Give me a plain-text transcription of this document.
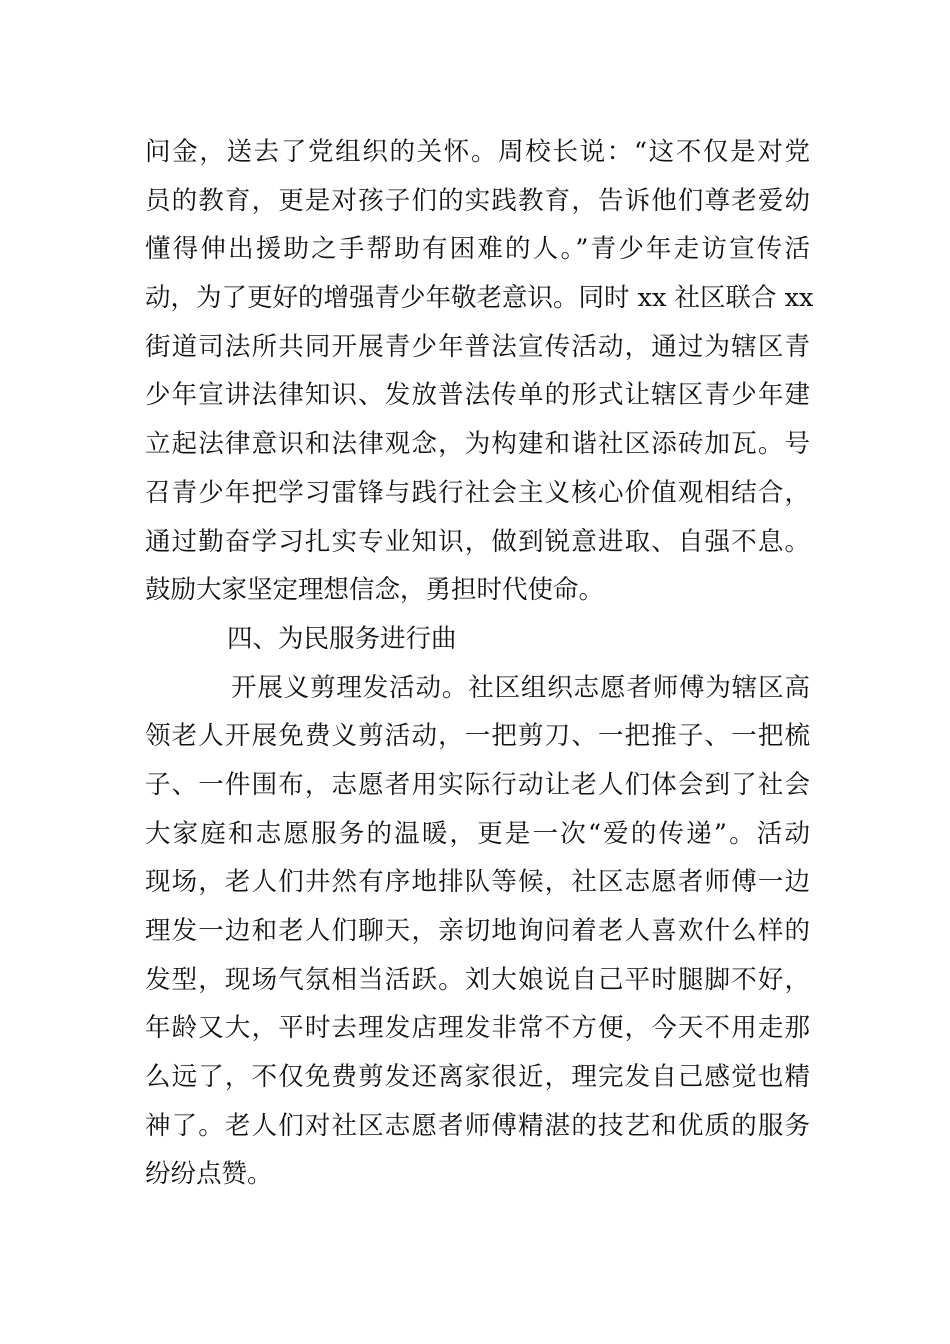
问金，送去了党组织的关怀。周校长说：“这不仅是对党
员的教育，更是对孩子们的实践教育，告诉他们尊老爱幼
懂得伸出援助之手帮助有困难的人。”青少年走访宣传活
动，为了更好的增强青少年敬老意识。同时 xx 社区联合 xx
街道司法所共同开展青少年普法宣传活动，通过为辖区青
少年宣讲法律知识、发放普法传单的形式让辖区青少年建
立起法律意识和法律观念，为构建和谐社区添砖加瓦。号
召青少年把学习雷锋与践行社会主义核心价值观相结合，
通过勤奋学习扎实专业知识，做到锐意进取、自强不息。
鼓励大家坚定理想信念，勇担时代使命。
四、为民服务进行曲
开展义剪理发活动。社区组织志愿者师傅为辖区高
领老人开展免费义剪活动，一把剪刀、一把推子、一把梳
子、一件围布，志愿者用实际行动让老人们体会到了社会
大家庭和志愿服务的温暖，更是一次“爱的传递”。活动
现场，老人们井然有序地排队等候，社区志愿者师傅一边
理发一边和老人们聊天，亲切地询问着老人喜欢什么样的
发型，现场气氛相当活跃。刘大娘说自己平时腿脚不好，
年龄又大，平时去理发店理发非常不方便，今天不用走那
么远了，不仅免费剪发还离家很近，理完发自己感觉也精
神了。老人们对社区志愿者师傅精湛的技艺和优质的服务
纷纷点赞。
